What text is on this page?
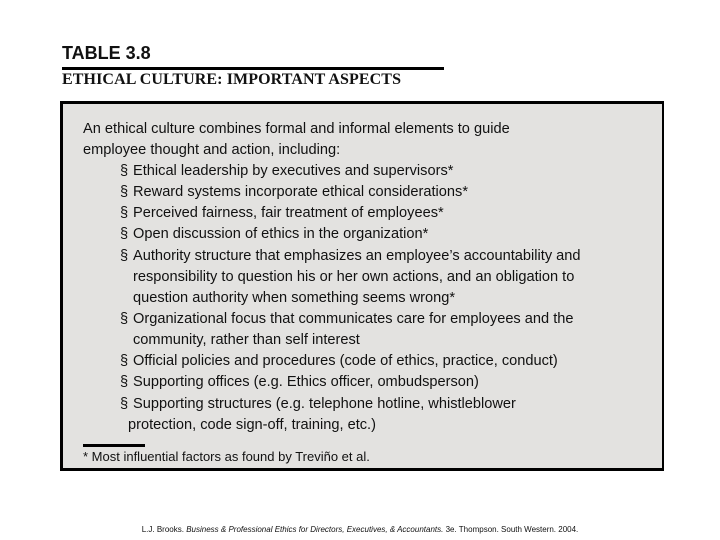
TABLE 3.8
ETHICAL CULTURE: IMPORTANT ASPECTS
An ethical culture combines formal and informal elements to guide
employee thought and action, including:
§ Ethical leadership by executives and supervisors*
§ Reward systems incorporate ethical considerations*
§ Perceived fairness, fair treatment of employees*
§ Open discussion of ethics in the organization*
§ Authority structure that emphasizes an employee’s accountability and
responsibility to question his or her own actions, and an obligation to
question authority when something seems wrong*
§ Organizational focus that communicates care for employees and the
community, rather than self interest
§ Official policies and procedures (code of ethics, practice, conduct)
§ Supporting offices (e.g. Ethics officer, ombudsperson)
§ Supporting structures (e.g. telephone hotline, whistleblower
protection, code sign-off, training, etc.)
* Most influential factors as found by Treviño et al.
L.J. Brooks. Business & Professional Ethics for Directors, Executives, & Accountants. 3e. Thompson. South Western. 2004.
